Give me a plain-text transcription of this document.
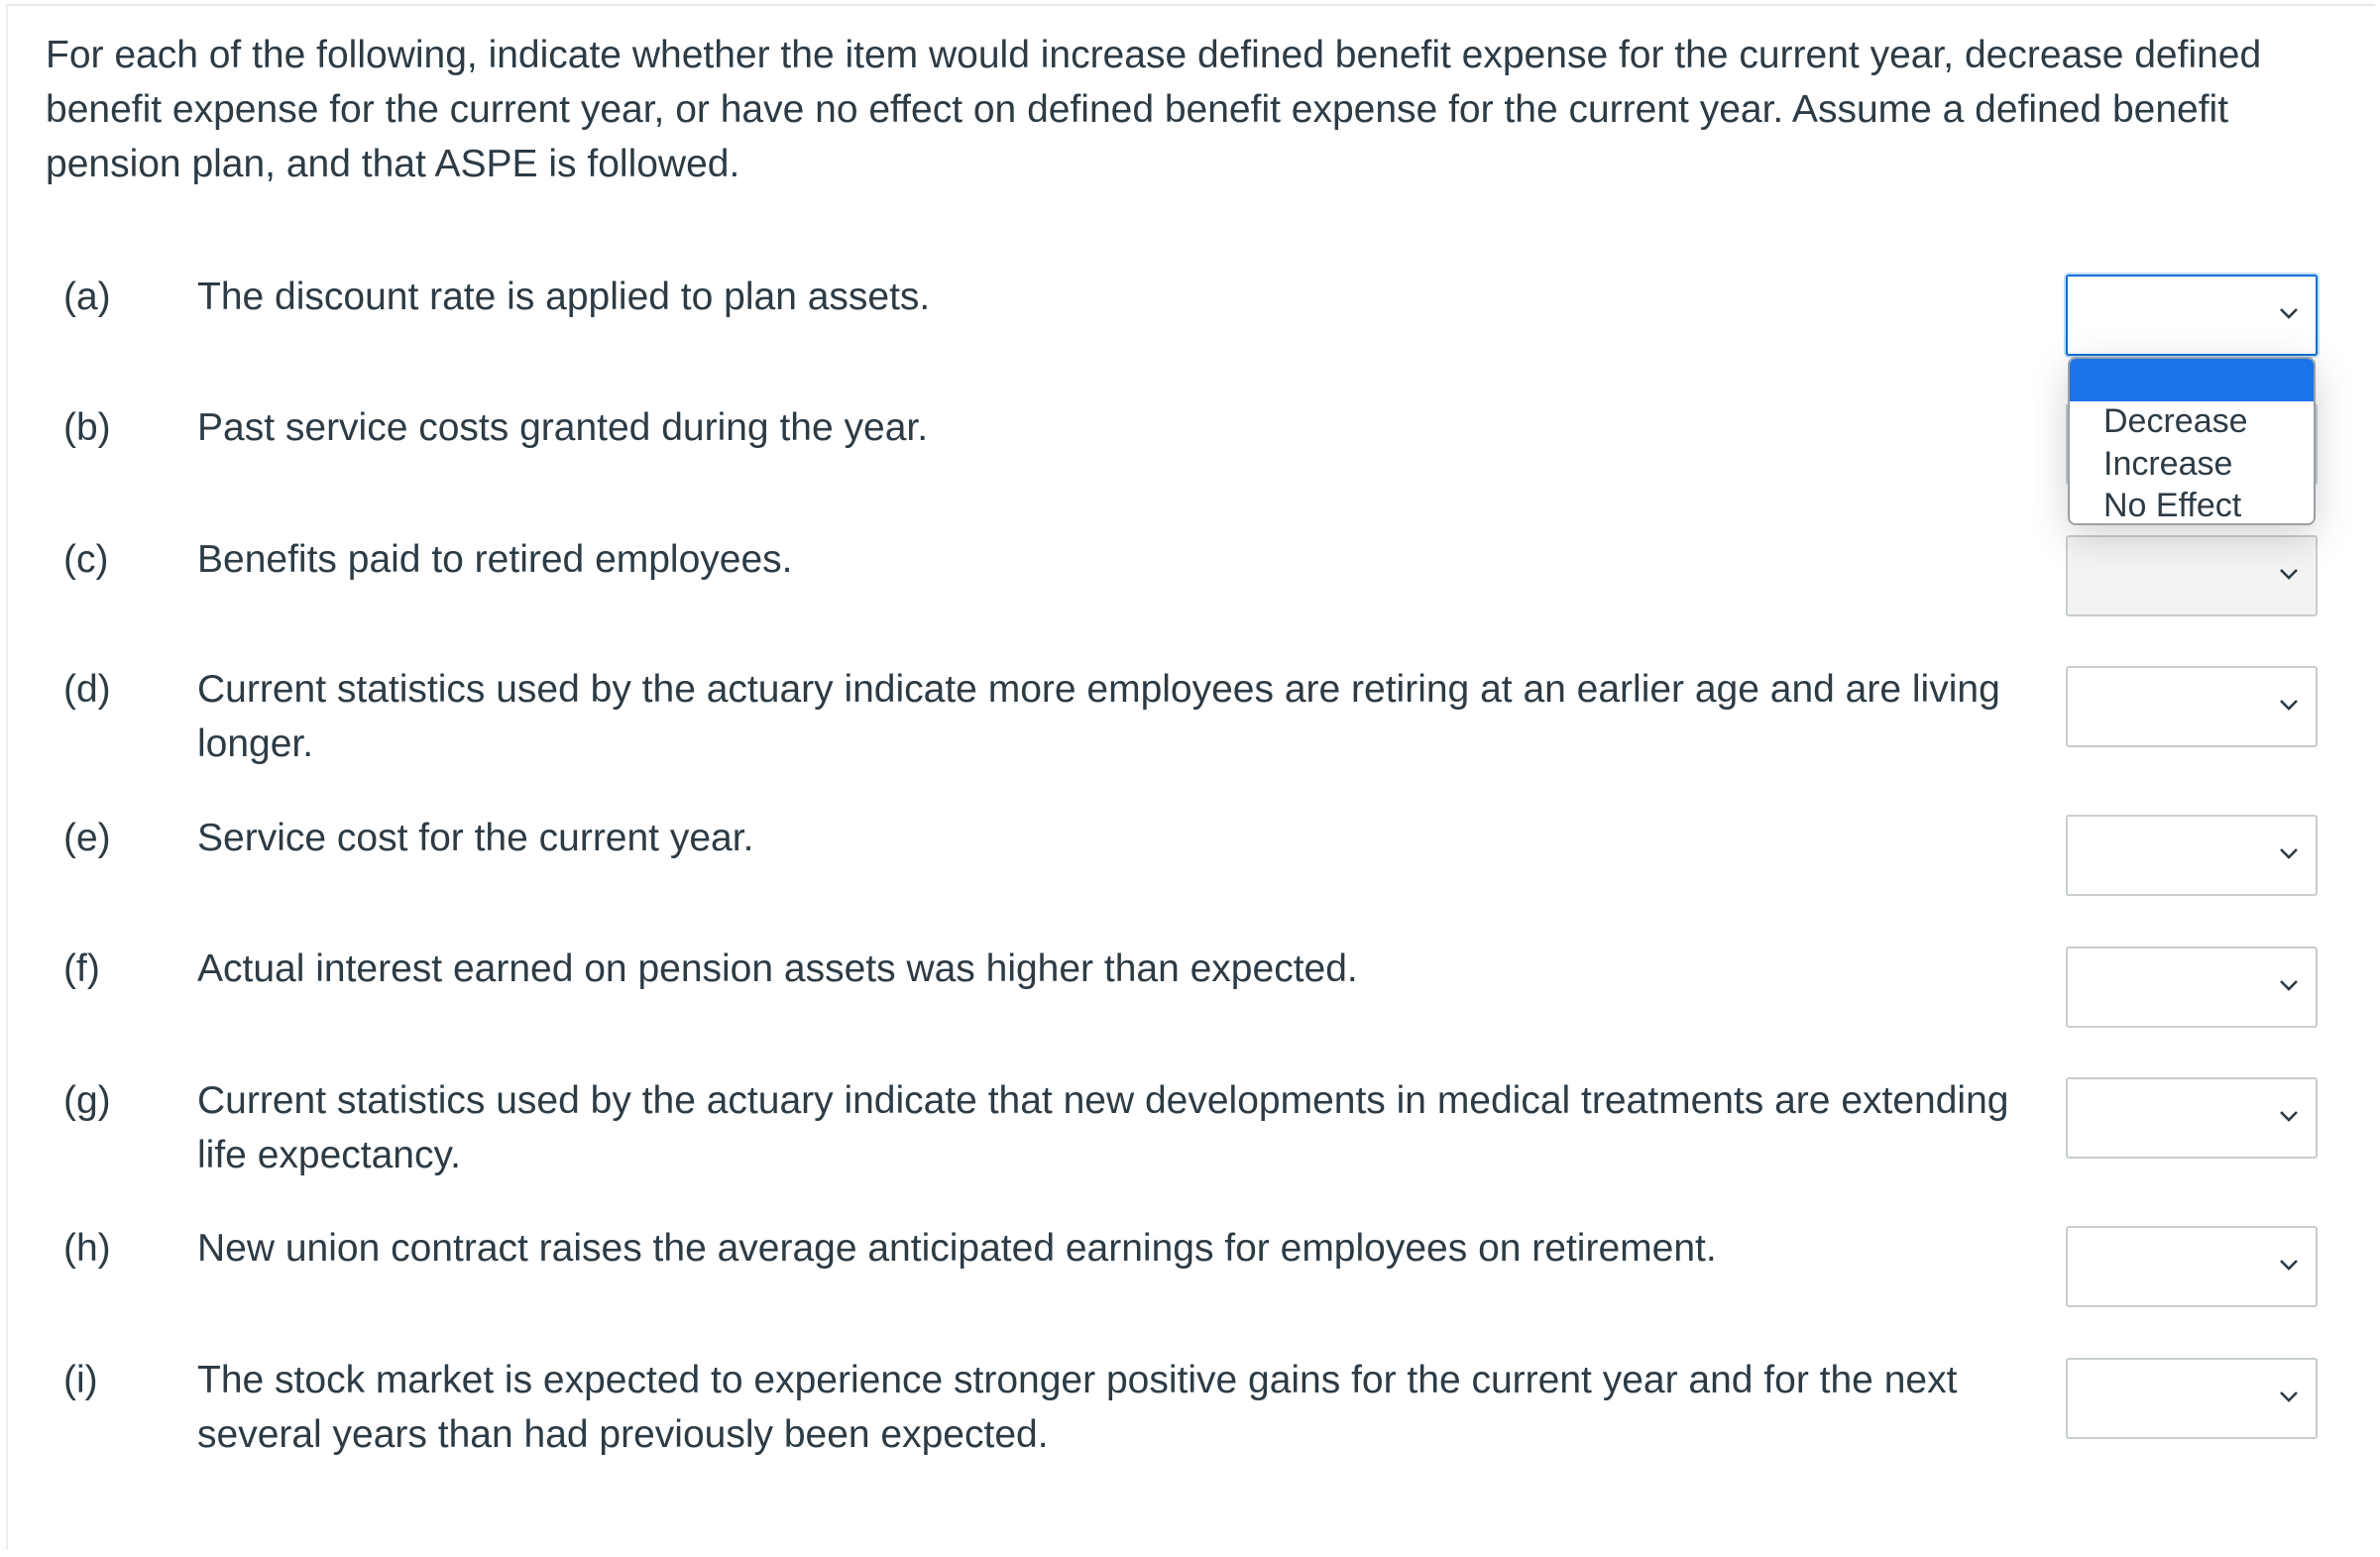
For each of the following, indicate whether the item would increase defined benefit expense for the current year, decrease defined benefit expense for the current year, or have no effect on defined benefit expense for the current year. Assume a defined benefit pension plan, and that ASPE is followed.
(a) The discount rate is applied to plan assets.
(b) Past service costs granted during the year.
(c) Benefits paid to retired employees.
(d) Current statistics used by the actuary indicate more employees are retiring at an earlier age and are living longer.
(e) Service cost for the current year.
(f)	Actual interest earned on pension assets was higher than expected.
(g) Current statistics used by the actuary indicate that new developments in medical treatments are extending life expectancy.
(h) New union contract raises the average anticipated earnings for employees on retirement.
(i)	The stock market is expected to experience stronger positive gains for the current year and for the next several years than had previously been expected.
Decrease
Increase
No Effect
